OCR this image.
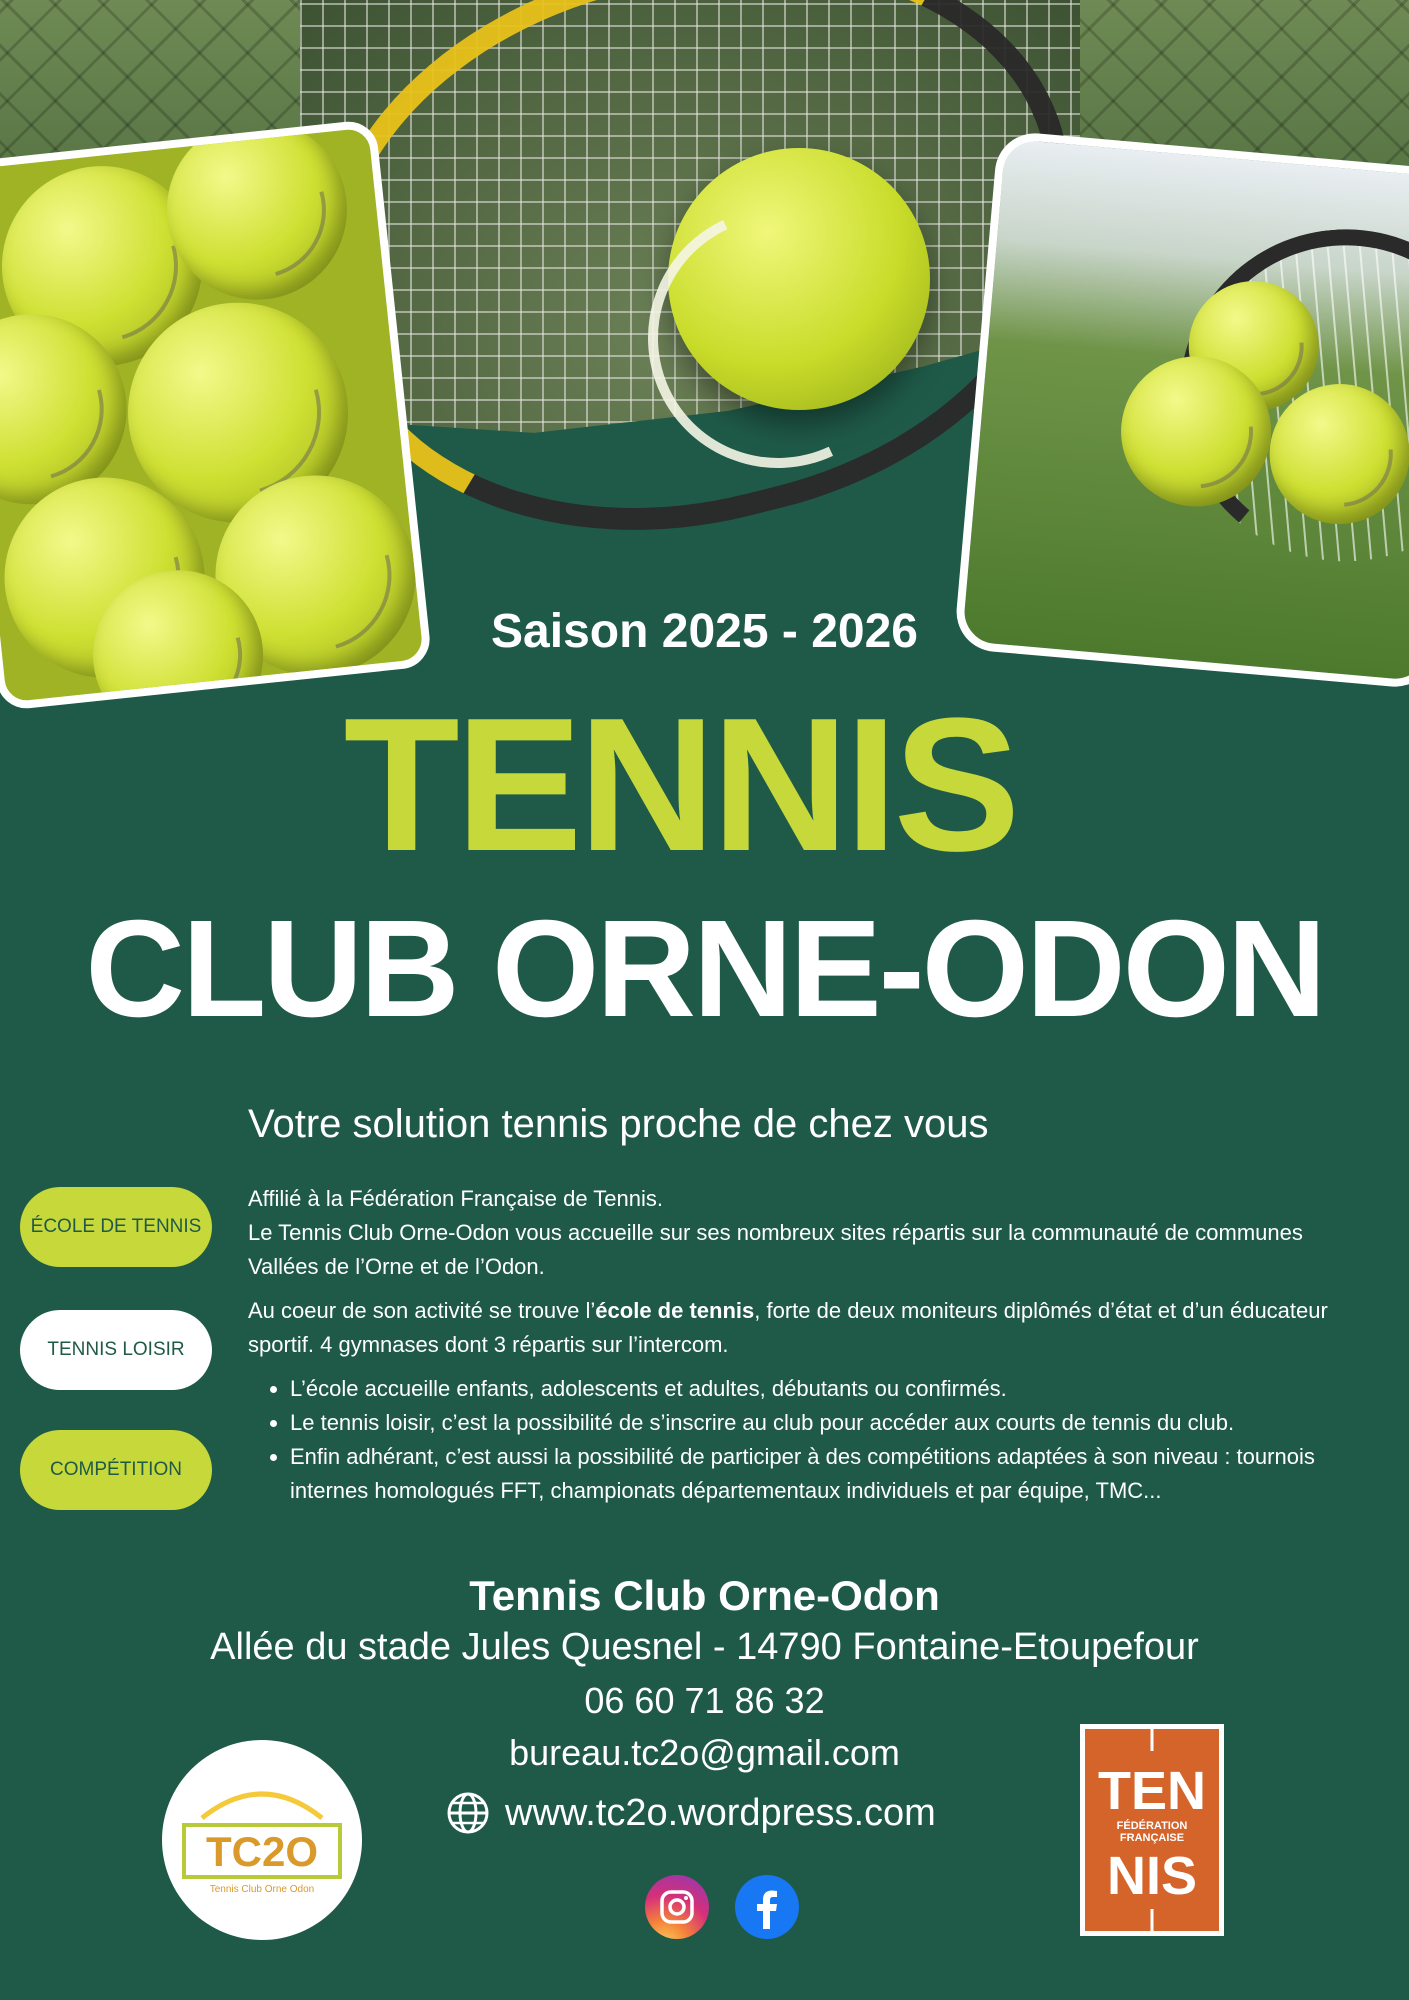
Saison 2025 - 2026
TENNIS
CLUB ORNE-ODON
Votre solution tennis proche de chez vous
ÉCOLE DE TENNIS
TENNIS LOISIR
COMPÉTITION

Affilié à la Fédération Française de Tennis.
Le Tennis Club Orne-Odon vous accueille sur ses nombreux sites répartis sur la communauté de communes Vallées de l’Orne et de l’Odon.

Au coeur de son activité se trouve l’école de tennis, forte de deux moniteurs diplômés d’état et d’un éducateur sportif. 4 gymnases dont 3 répartis sur l’intercom.

• L’école accueille enfants, adolescents et adultes, débutants ou confirmés.
• Le tennis loisir, c’est la possibilité de s’inscrire au club pour accéder aux courts de tennis du club.
• Enfin adhérant, c’est aussi la possibilité de participer à des compétitions adaptées à son niveau : tournois internes homologués FFT, championats départementaux individuels et par équipe, TMC...
Tennis Club Orne-Odon
Allée du stade Jules Quesnel - 14790 Fontaine-Etoupefour
06 60 71 86 32
bureau.tc2o@gmail.com
www.tc2o.wordpress.com
TC2O
Tennis Club Orne Odon
TEN
FÉDÉRATION
FRANÇAISE
NIS
